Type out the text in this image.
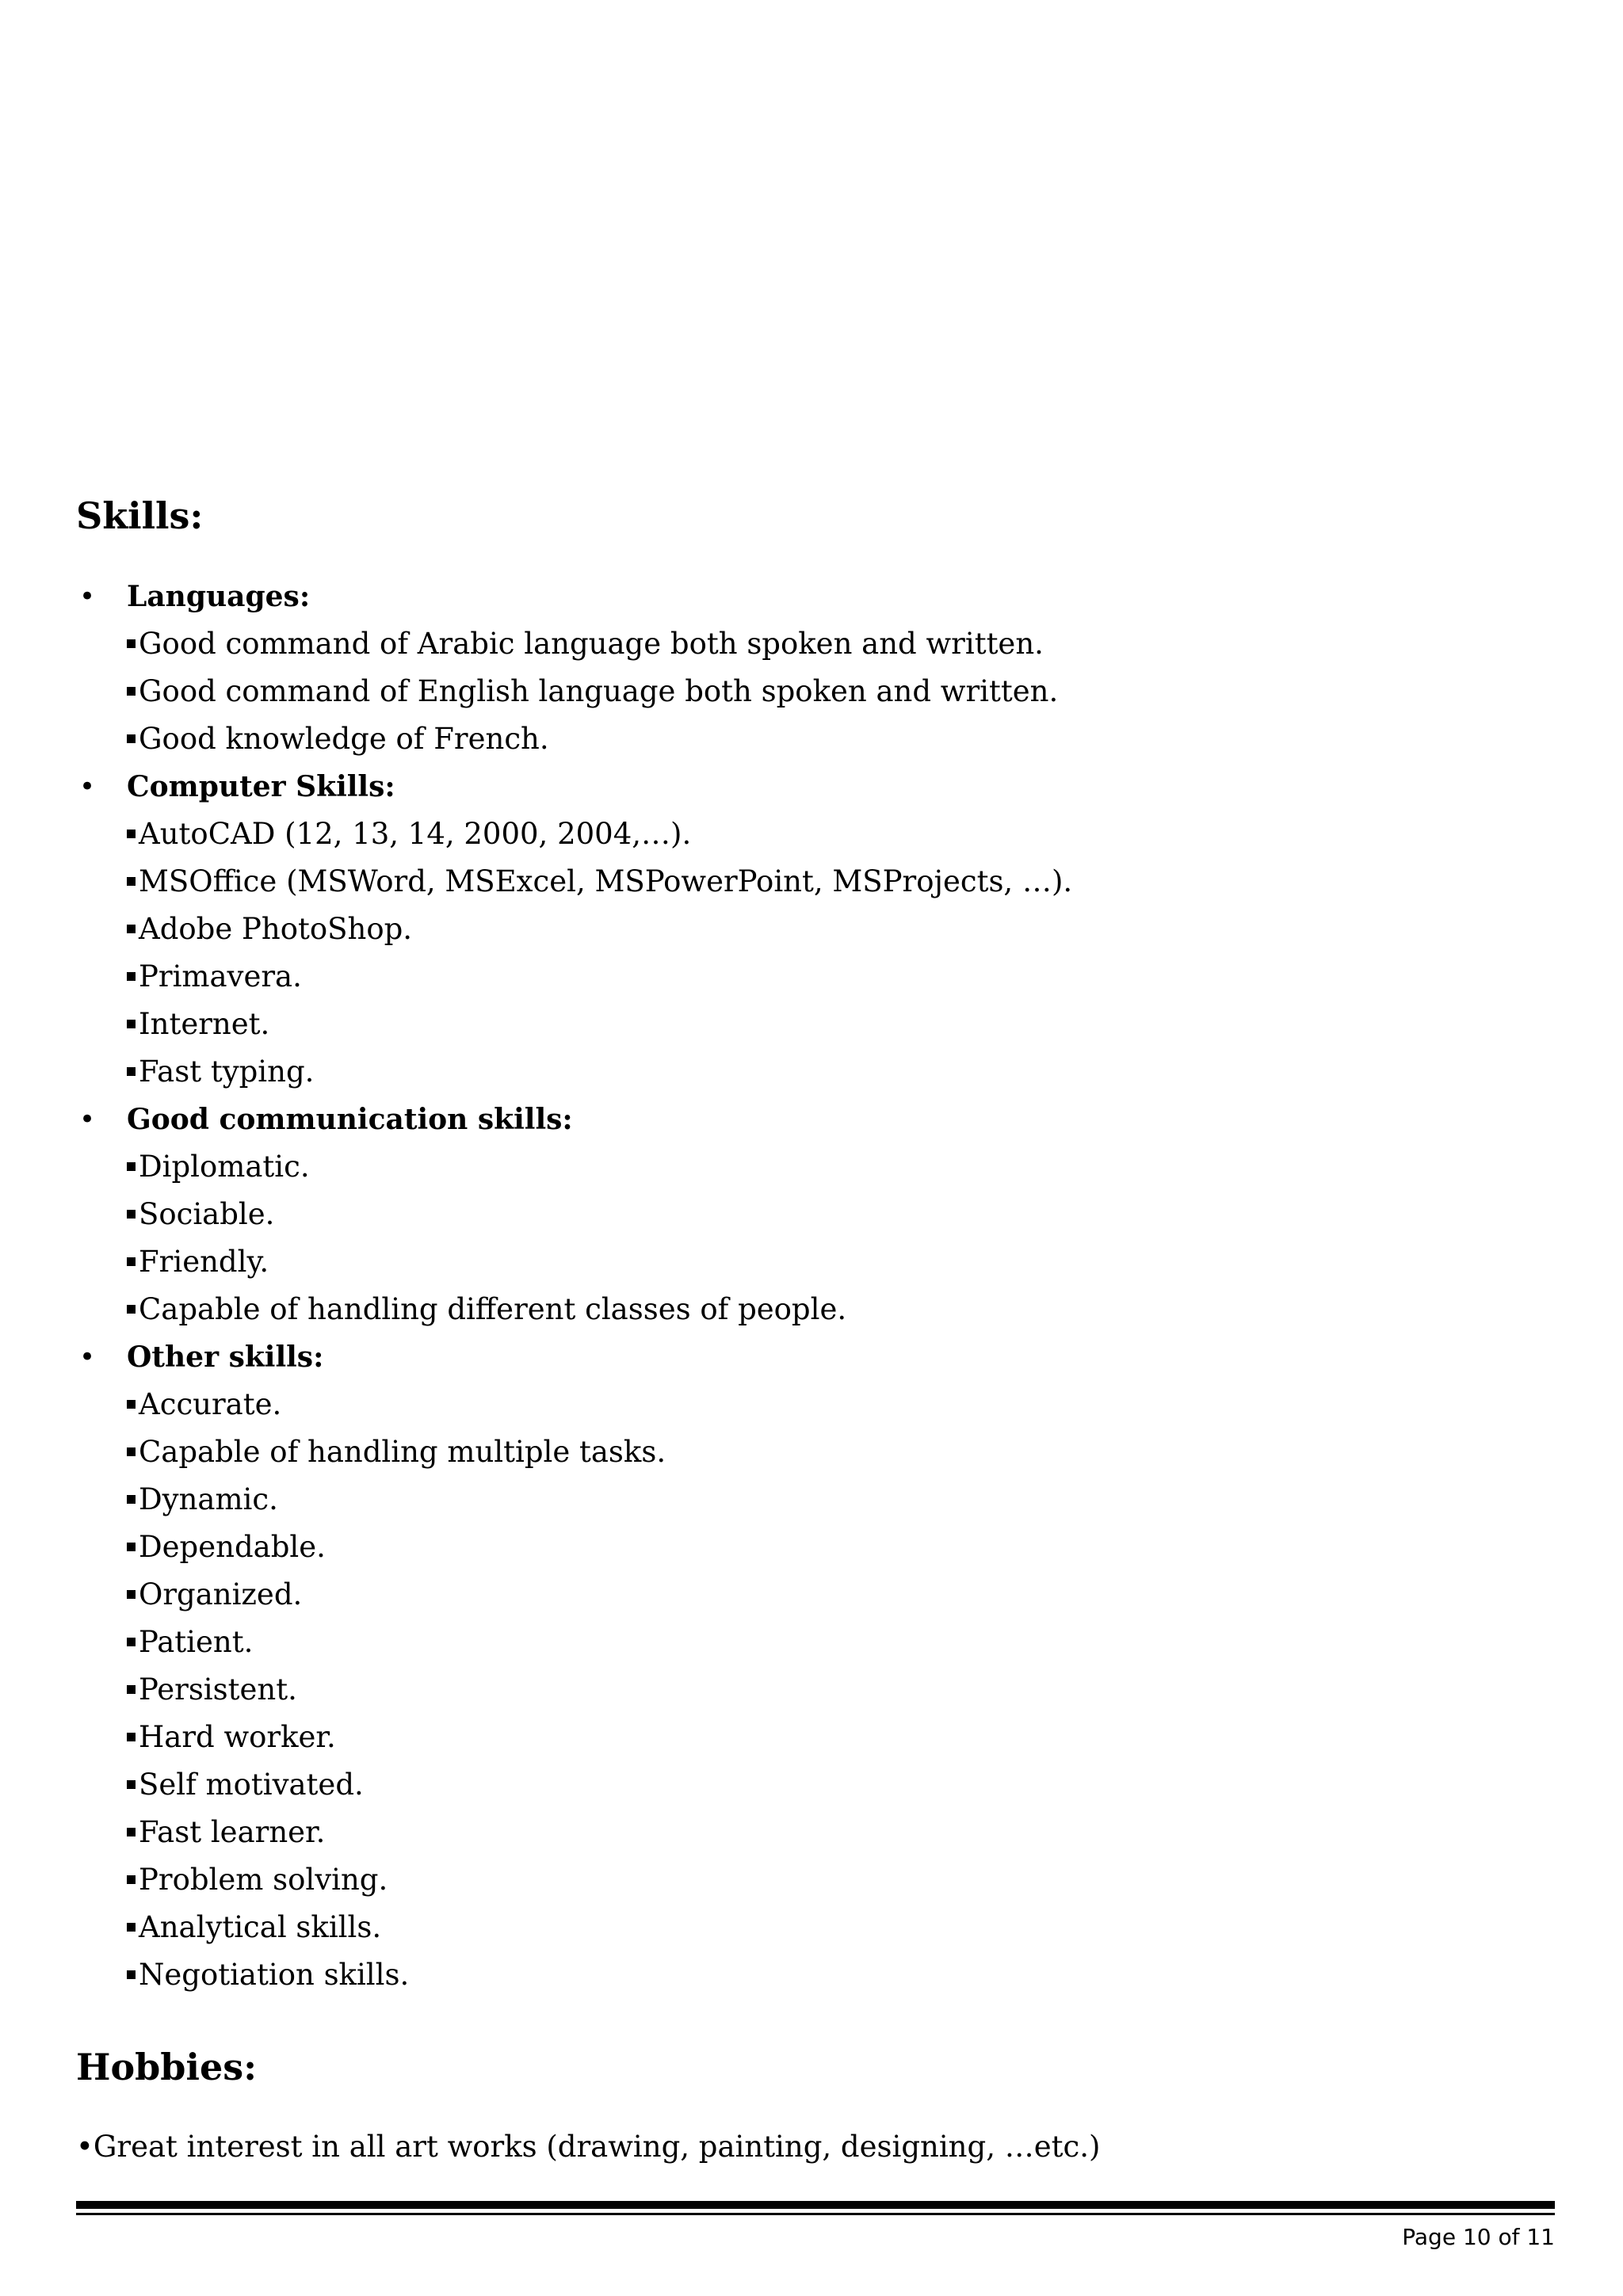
Skills:
• Languages:
Good command of Arabic language both spoken and written.
Good command of English language both spoken and written.
Good knowledge of French.
• Computer Skills:
AutoCAD (12, 13, 14, 2000, 2004,…).
MSOffice (MSWord, MSExcel, MSPowerPoint, MSProjects, …).
Adobe PhotoShop.
Primavera.
Internet.
Fast typing.
• Good communication skills:
Diplomatic.
Sociable.
Friendly.
Capable of handling different classes of people.
• Other skills:
Accurate.
Capable of handling multiple tasks.
Dynamic.
Dependable.
Organized.
Patient.
Persistent.
Hard worker.
Self motivated.
Fast learner.
Problem solving.
Analytical skills.
Negotiation skills.
Hobbies:
•Great interest in all art works (drawing, painting, designing, …etc.)
Page 10 of 11
